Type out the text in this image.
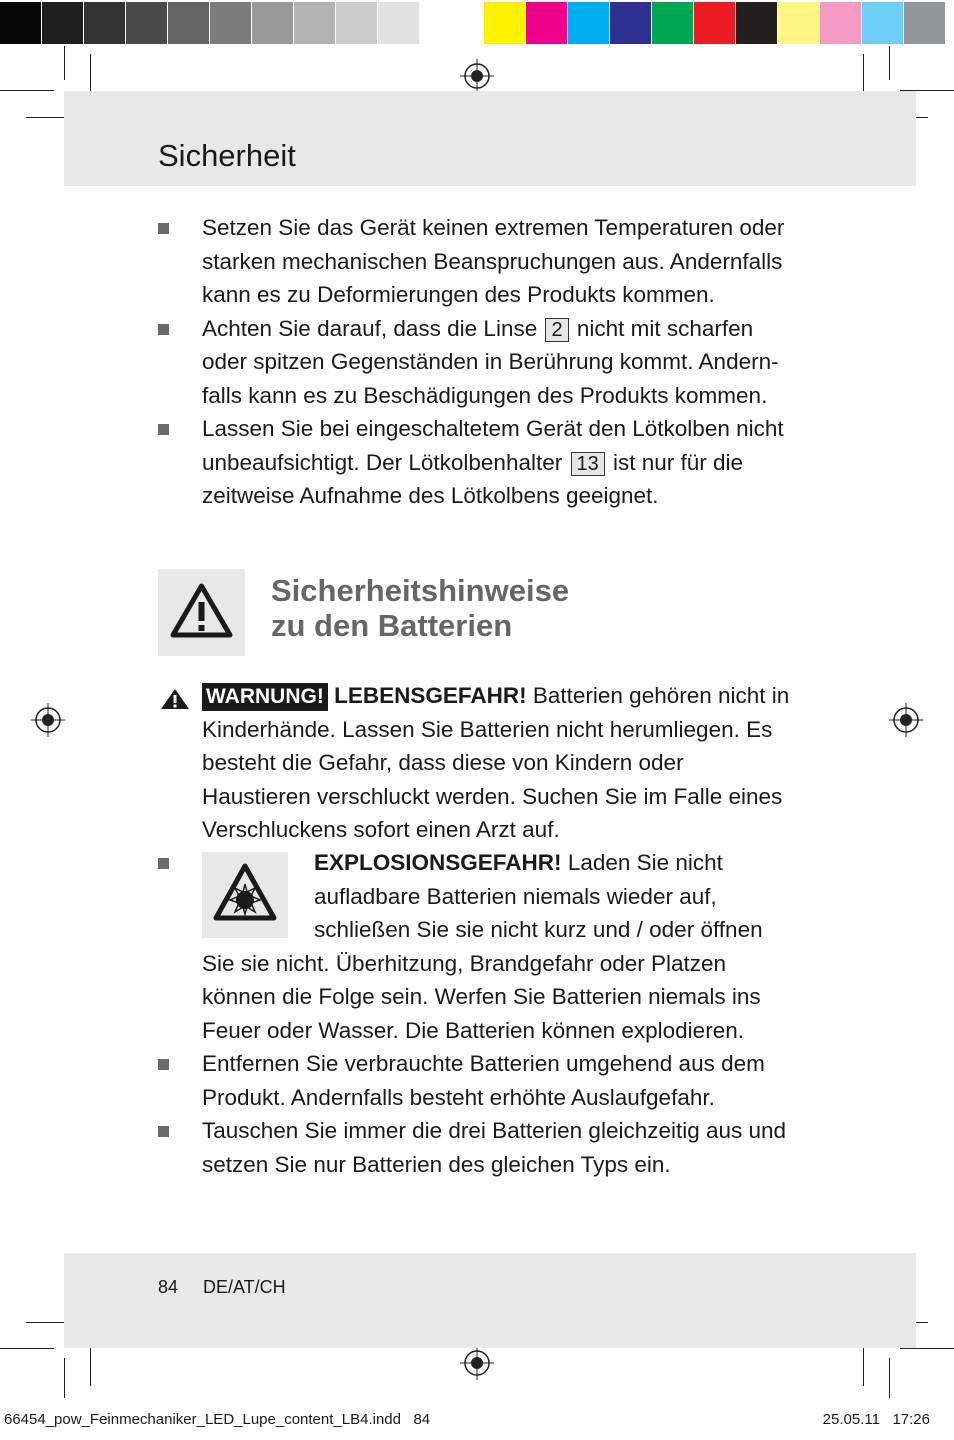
Sicherheit
Setzen Sie das Gerät keinen extremen Temperaturen oder starken mechanischen Beanspruchungen aus. Andernfalls kann es zu Deformierungen des Produkts kommen.
Achten Sie darauf, dass die Linse 2 nicht mit scharfen oder spitzen Gegenständen in Berührung kommt. Andern-falls kann es zu Beschädigungen des Produkts kommen.
Lassen Sie bei eingeschaltetem Gerät den Lötkolben nicht unbeaufsichtigt. Der Lötkolbenhalter 13 ist nur für die zeitweise Aufnahme des Lötkolbens geeignet.
Sicherheitshinweise
zu den Batterien
WARNUNG! LEBENSGEFAHR! Batterien gehören nicht in Kinderhände. Lassen Sie Batterien nicht herumliegen. Es besteht die Gefahr, dass diese von Kindern oder Haustieren verschluckt werden. Suchen Sie im Falle eines Verschluckens sofort einen Arzt auf.
EXPLOSIONSGEFAHR! Laden Sie nicht aufladbare Batterien niemals wieder auf, schließen Sie sie nicht kurz und / oder öffnen
Sie sie nicht. Überhitzung, Brandgefahr oder Platzen können die Folge sein. Werfen Sie Batterien niemals ins Feuer oder Wasser. Die Batterien können explodieren.
Entfernen Sie verbrauchte Batterien umgehend aus dem Produkt. Andernfalls besteht erhöhte Auslaufgefahr.
Tauschen Sie immer die drei Batterien gleichzeitig aus und setzen Sie nur Batterien des gleichen Typs ein.
84 DE/AT/CH
66454_pow_Feinmechaniker_LED_Lupe_content_LB4.indd   84	25.05.11   17:26
